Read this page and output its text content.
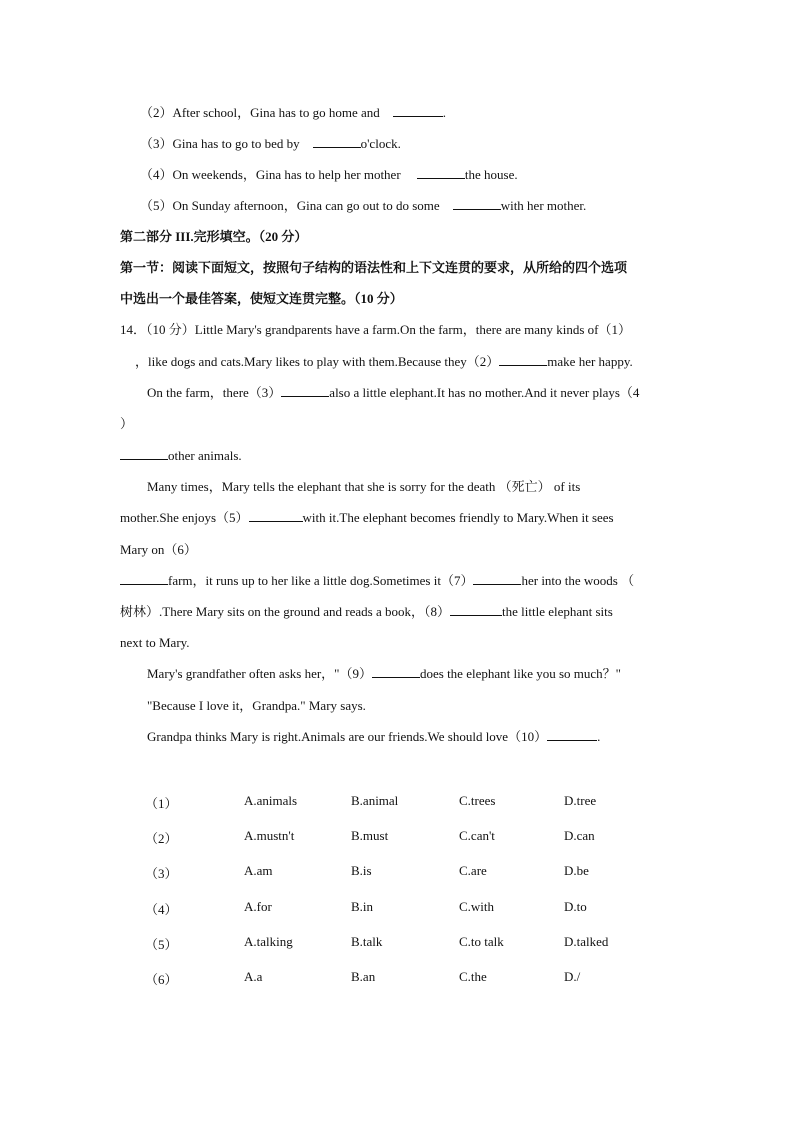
（2）After school，Gina has to go home and	.
（3）Gina has to go to bed by	o'clock.
（4）On weekends，Gina has to help her mother	the house.
（5）On Sunday afternoon，Gina can go out to do some	with her mother.
第二部分 III.完形填空。（20 分）
第一节：阅读下面短文，按照句子结构的语法性和上下文连贯的要求，从所给的四个选项
中选出一个最佳答案，使短文连贯完整。（10 分）
14．（10 分）Little Mary's grandparents have a farm.On the farm，there are many kinds of（1）
，like dogs and cats.Mary likes to play with them.Because they（2）	make her happy.
On the farm，there（3）	also a little elephant.It has no mother.And it never plays（4
）
other animals.
Many times，Mary tells the elephant that she is sorry for the death （死亡） of its
mother.She enjoys（5）	with it.The elephant becomes friendly to Mary.When it sees
Mary on（6）
farm，it runs up to her like a little dog.Sometimes it（7）	her into the woods （
树林）.There Mary sits on the ground and reads a book，（8）	the little elephant sits
next to Mary.
Mary's grandfather often asks her，"（9）	does the elephant like you so much？"
"Because I love it，Grandpa." Mary says.
Grandpa thinks Mary is right.Animals are our friends.We should love（10）	.
（1）	A.animals	B.animal	C.trees	D.tree
（2）	A.mustn't	B.must	C.can't	D.can
（3）	A.am	B.is	C.are	D.be
（4）	A.for	B.in	C.with	D.to
（5）	A.talking	B.talk	C.to talk	D.talked
（6）	A.a	B.an	C.the	D./
